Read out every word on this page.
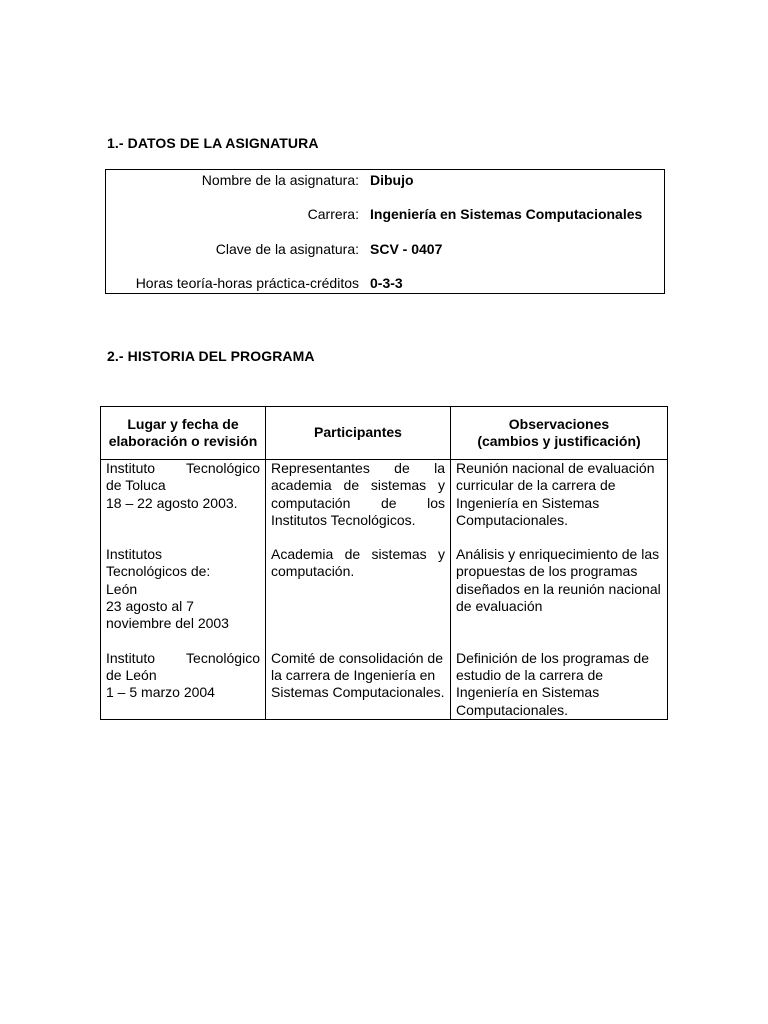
1.- DATOS DE LA ASIGNATURA
Nombre de la asignatura: Dibujo
Carrera: Ingeniería en Sistemas Computacionales
Clave de la asignatura: SCV - 0407
Horas teoría-horas práctica-créditos 0-3-3
2.- HISTORIA DEL PROGRAMA
Lugar y fecha de elaboración o revisión	Participantes	Observaciones
(cambios y justificación)

Instituto Tecnológico
de Toluca
18 – 22 agosto 2003.	Representantes de la academia de sistemas y computación de los Institutos Tecnológicos.	Reunión nacional de evaluación curricular de la carrera de Ingeniería en Sistemas Computacionales.

Institutos
Tecnológicos de:
León
23 agosto al 7
noviembre del 2003	Academia de sistemas y computación.	Análisis y enriquecimiento de las propuestas de los programas diseñados en la reunión nacional de evaluación

Instituto Tecnológico
de León
1 – 5 marzo 2004	Comité de consolidación de la carrera de Ingeniería en Sistemas Computacionales.	Definición de los programas de estudio de la carrera de Ingeniería en Sistemas Computacionales.
